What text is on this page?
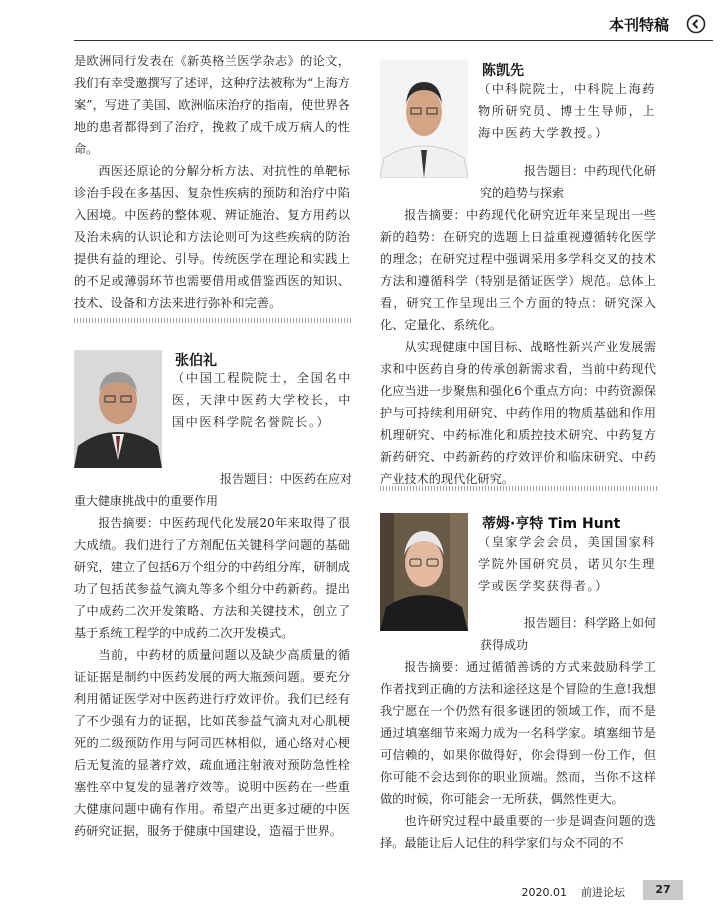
本刊特稿

是欧洲同行发表在《新英格兰医学杂志》的论文，我们有幸受邀撰写了述评，这种疗法被称为“上海方案”，写进了美国、欧洲临床治疗的指南，使世界各地的患者都得到了治疗，挽救了成千成万病人的性命。

西医还原论的分解分析方法、对抗性的单靶标诊治手段在多基因、复杂性疾病的预防和治疗中陷入困境。中医药的整体观、辨证施治、复方用药以及治未病的认识论和方法论则可为这些疾病的防治提供有益的理论、引导。传统医学在理论和实践上的不足或薄弱环节也需要借用或借鉴西医的知识、技术、设备和方法来进行弥补和完善。

张伯礼
（中国工程院院士，全国名中医，天津中医药大学校长，中国中医科学院名誉院长。）
报告题目：中医药在应对
重大健康挑战中的重要作用

报告摘要：中医药现代化发展20年来取得了很大成绩。我们进行了方剂配伍关键科学问题的基础研究，建立了包括6万个组分的中药组分库，研制成功了包括芪参益气滴丸等多个组分中药新药。提出了中成药二次开发策略、方法和关键技术，创立了基于系统工程学的中成药二次开发模式。

当前，中药材的质量问题以及缺少高质量的循证证据是制约中医药发展的两大瓶颈问题。要充分利用循证医学对中医药进行疗效评价。我们已经有了不少强有力的证据，比如芪参益气滴丸对心肌梗死的二级预防作用与阿司匹林相似，通心络对心梗后无复流的显著疗效，疏血通注射液对预防急性栓塞性卒中复发的显著疗效等。说明中医药在一些重大健康问题中确有作用。希望产出更多过硬的中医药研究证据，服务于健康中国建设，造福于世界。

陈凯先
（中科院院士，中科院上海药物所研究员、博士生导师，上海中医药大学教授。）
报告题目：中药现代化研
究的趋势与探索

报告摘要：中药现代化研究近年来呈现出一些新的趋势：在研究的选题上日益重视遵循转化医学的理念；在研究过程中强调采用多学科交叉的技术方法和遵循科学（特别是循证医学）规范。总体上看，研究工作呈现出三个方面的特点：研究深入化、定量化、系统化。

从实现健康中国目标、战略性新兴产业发展需求和中医药自身的传承创新需求看，当前中药现代化应当进一步聚焦和强化6个重点方向：中药资源保护与可持续利用研究、中药作用的物质基础和作用机理研究、中药标准化和质控技术研究、中药复方新药研究、中药新药的疗效评价和临床研究、中药产业技术的现代化研究。

蒂姆·亨特 Tim Hunt
（皇家学会会员，美国国家科学院外国研究员，诺贝尔生理学或医学奖获得者。）
报告题目：科学路上如何
获得成功

报告摘要：通过循循善诱的方式来鼓励科学工作者找到正确的方法和途径这是个冒险的生意!我想我宁愿在一个仍然有很多谜团的领域工作，而不是通过填塞细节来竭力成为一名科学家。填塞细节是可信赖的，如果你做得好，你会得到一份工作，但你可能不会达到你的职业顶端。然而，当你不这样做的时候，你可能会一无所获，偶然性更大。

也许研究过程中最重要的一步是调查问题的选择。最能让后人记住的科学家们与众不同的不

2020.01 前进论坛	27
